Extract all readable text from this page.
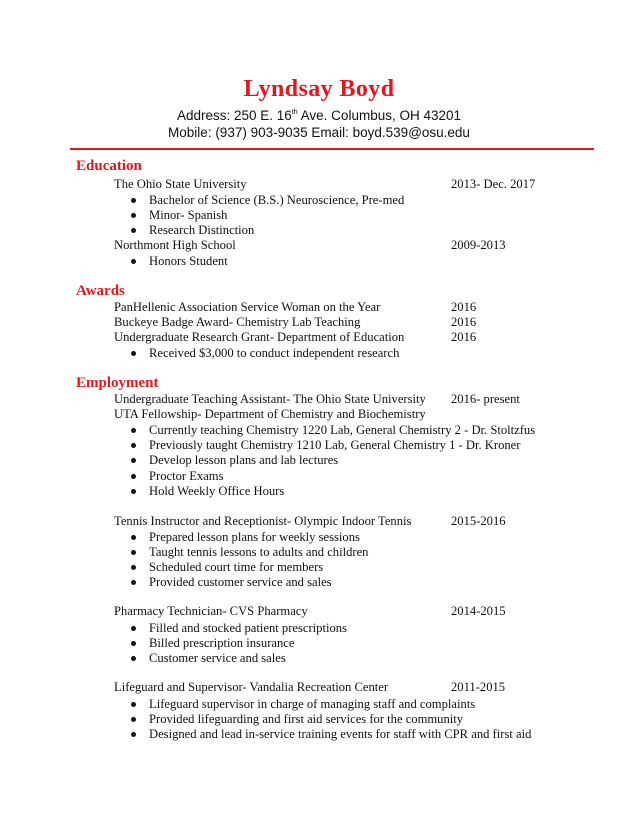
Lyndsay Boyd
Address: 250 E. 16th Ave. Columbus, OH 43201
Mobile: (937) 903-9035 Email: boyd.539@osu.edu
Education
The Ohio State University	2013- Dec. 2017
Bachelor of Science (B.S.) Neuroscience, Pre-med
Minor- Spanish
Research Distinction
Northmont High School	2009-2013
Honors Student
Awards
PanHellenic Association Service Woman on the Year	2016
Buckeye Badge Award- Chemistry Lab Teaching	2016
Undergraduate Research Grant- Department of Education	2016
Received $3,000 to conduct independent research
Employment
Undergraduate Teaching Assistant- The Ohio State University 2016- present
UTA Fellowship- Department of Chemistry and Biochemistry
Currently teaching Chemistry 1220 Lab, General Chemistry 2 - Dr. Stoltzfus
Previously taught Chemistry 1210 Lab, General Chemistry 1 - Dr. Kroner
Develop lesson plans and lab lectures
Proctor Exams
Hold Weekly Office Hours
Tennis Instructor and Receptionist- Olympic Indoor Tennis	2015-2016
Prepared lesson plans for weekly sessions
Taught tennis lessons to adults and children
Scheduled court time for members
Provided customer service and sales
Pharmacy Technician- CVS Pharmacy	2014-2015
Filled and stocked patient prescriptions
Billed prescription insurance
Customer service and sales
Lifeguard and Supervisor- Vandalia Recreation Center	2011-2015
Lifeguard supervisor in charge of managing staff and complaints
Provided lifeguarding and first aid services for the community
Designed and lead in-service training events for staff with CPR and first aid
